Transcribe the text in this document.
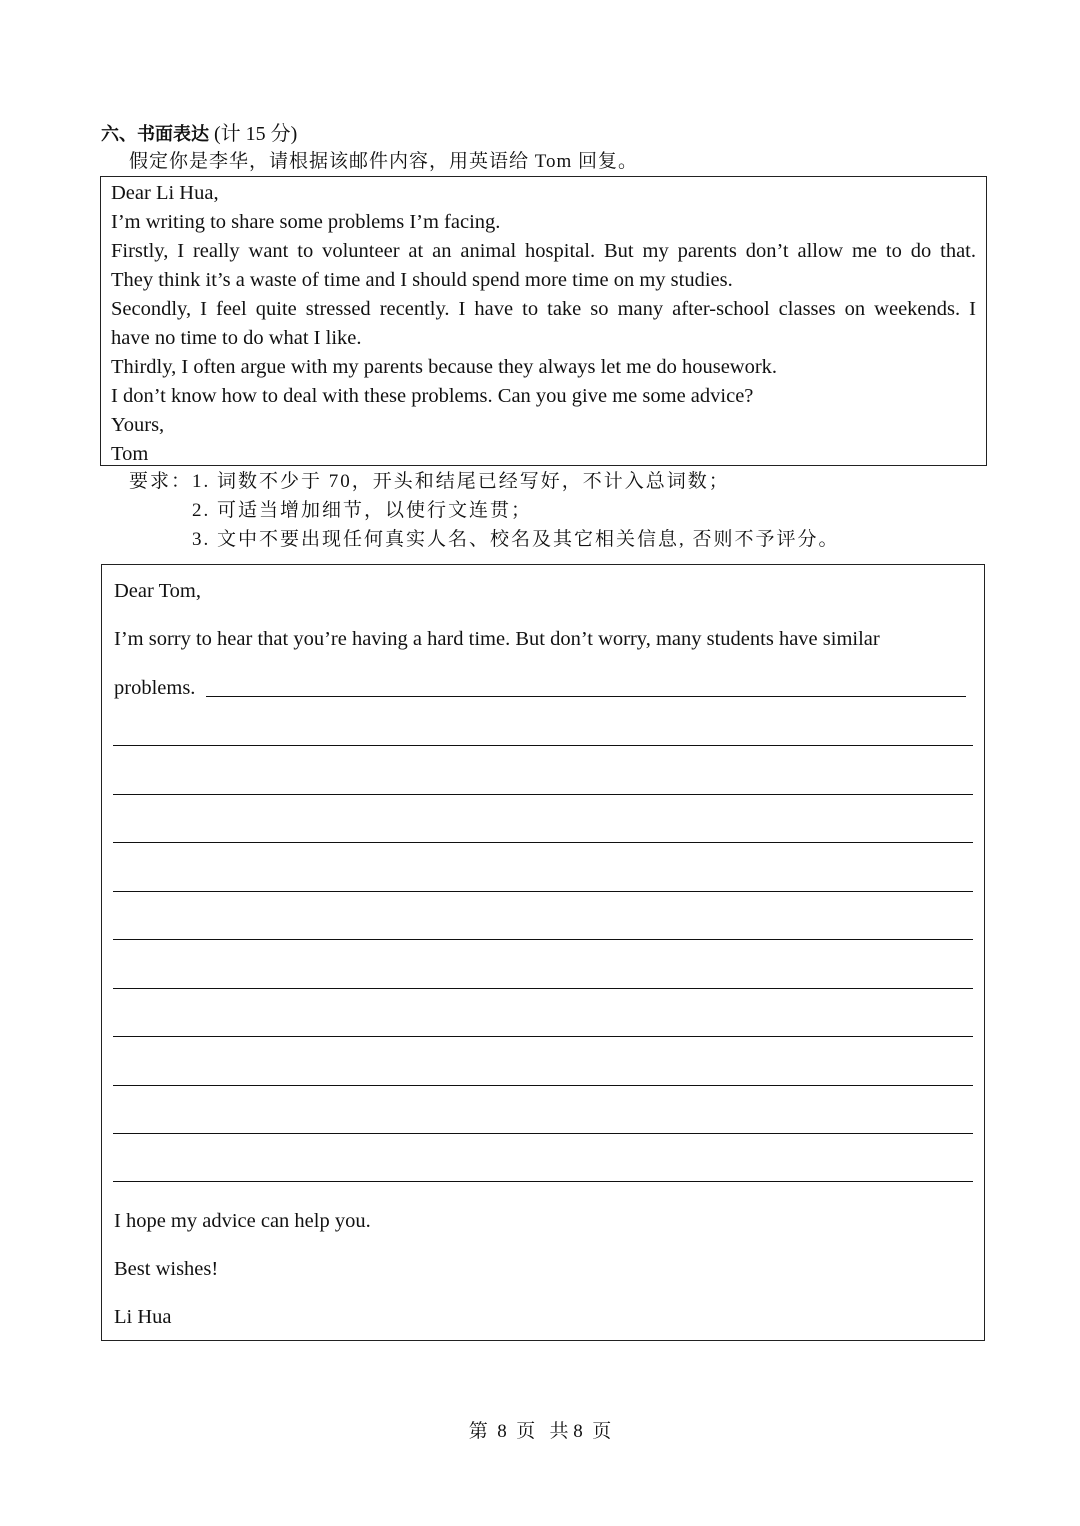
六、书面表达 (计 15 分)
假定你是李华，请根据该邮件内容，用英语给 Tom 回复。
Dear Li Hua,
I’m writing to share some problems I’m facing.
Firstly, I really want to volunteer at an animal hospital. But my parents don’t allow me to do that.
They think it’s a waste of time and I should spend more time on my studies.
Secondly, I feel quite stressed recently. I have to take so many after-school classes on weekends. I
have no time to do what I like.
Thirdly, I often argue with my parents because they always let me do housework.
I don’t know how to deal with these problems. Can you give me some advice?
Yours,
Tom
要求： 1. 词数不少于 70，开头和结尾已经写好，不计入总词数；
2. 可适当增加细节，以使行文连贯；
3. 文中不要出现任何真实人名、校名及其它相关信息, 否则不予评分。
Dear Tom,
I’m sorry to hear that you’re having a hard time. But don’t worry, many students have similar
problems.
I hope my advice can help you.
Best wishes!
Li Hua
第  8  页   共 8  页
